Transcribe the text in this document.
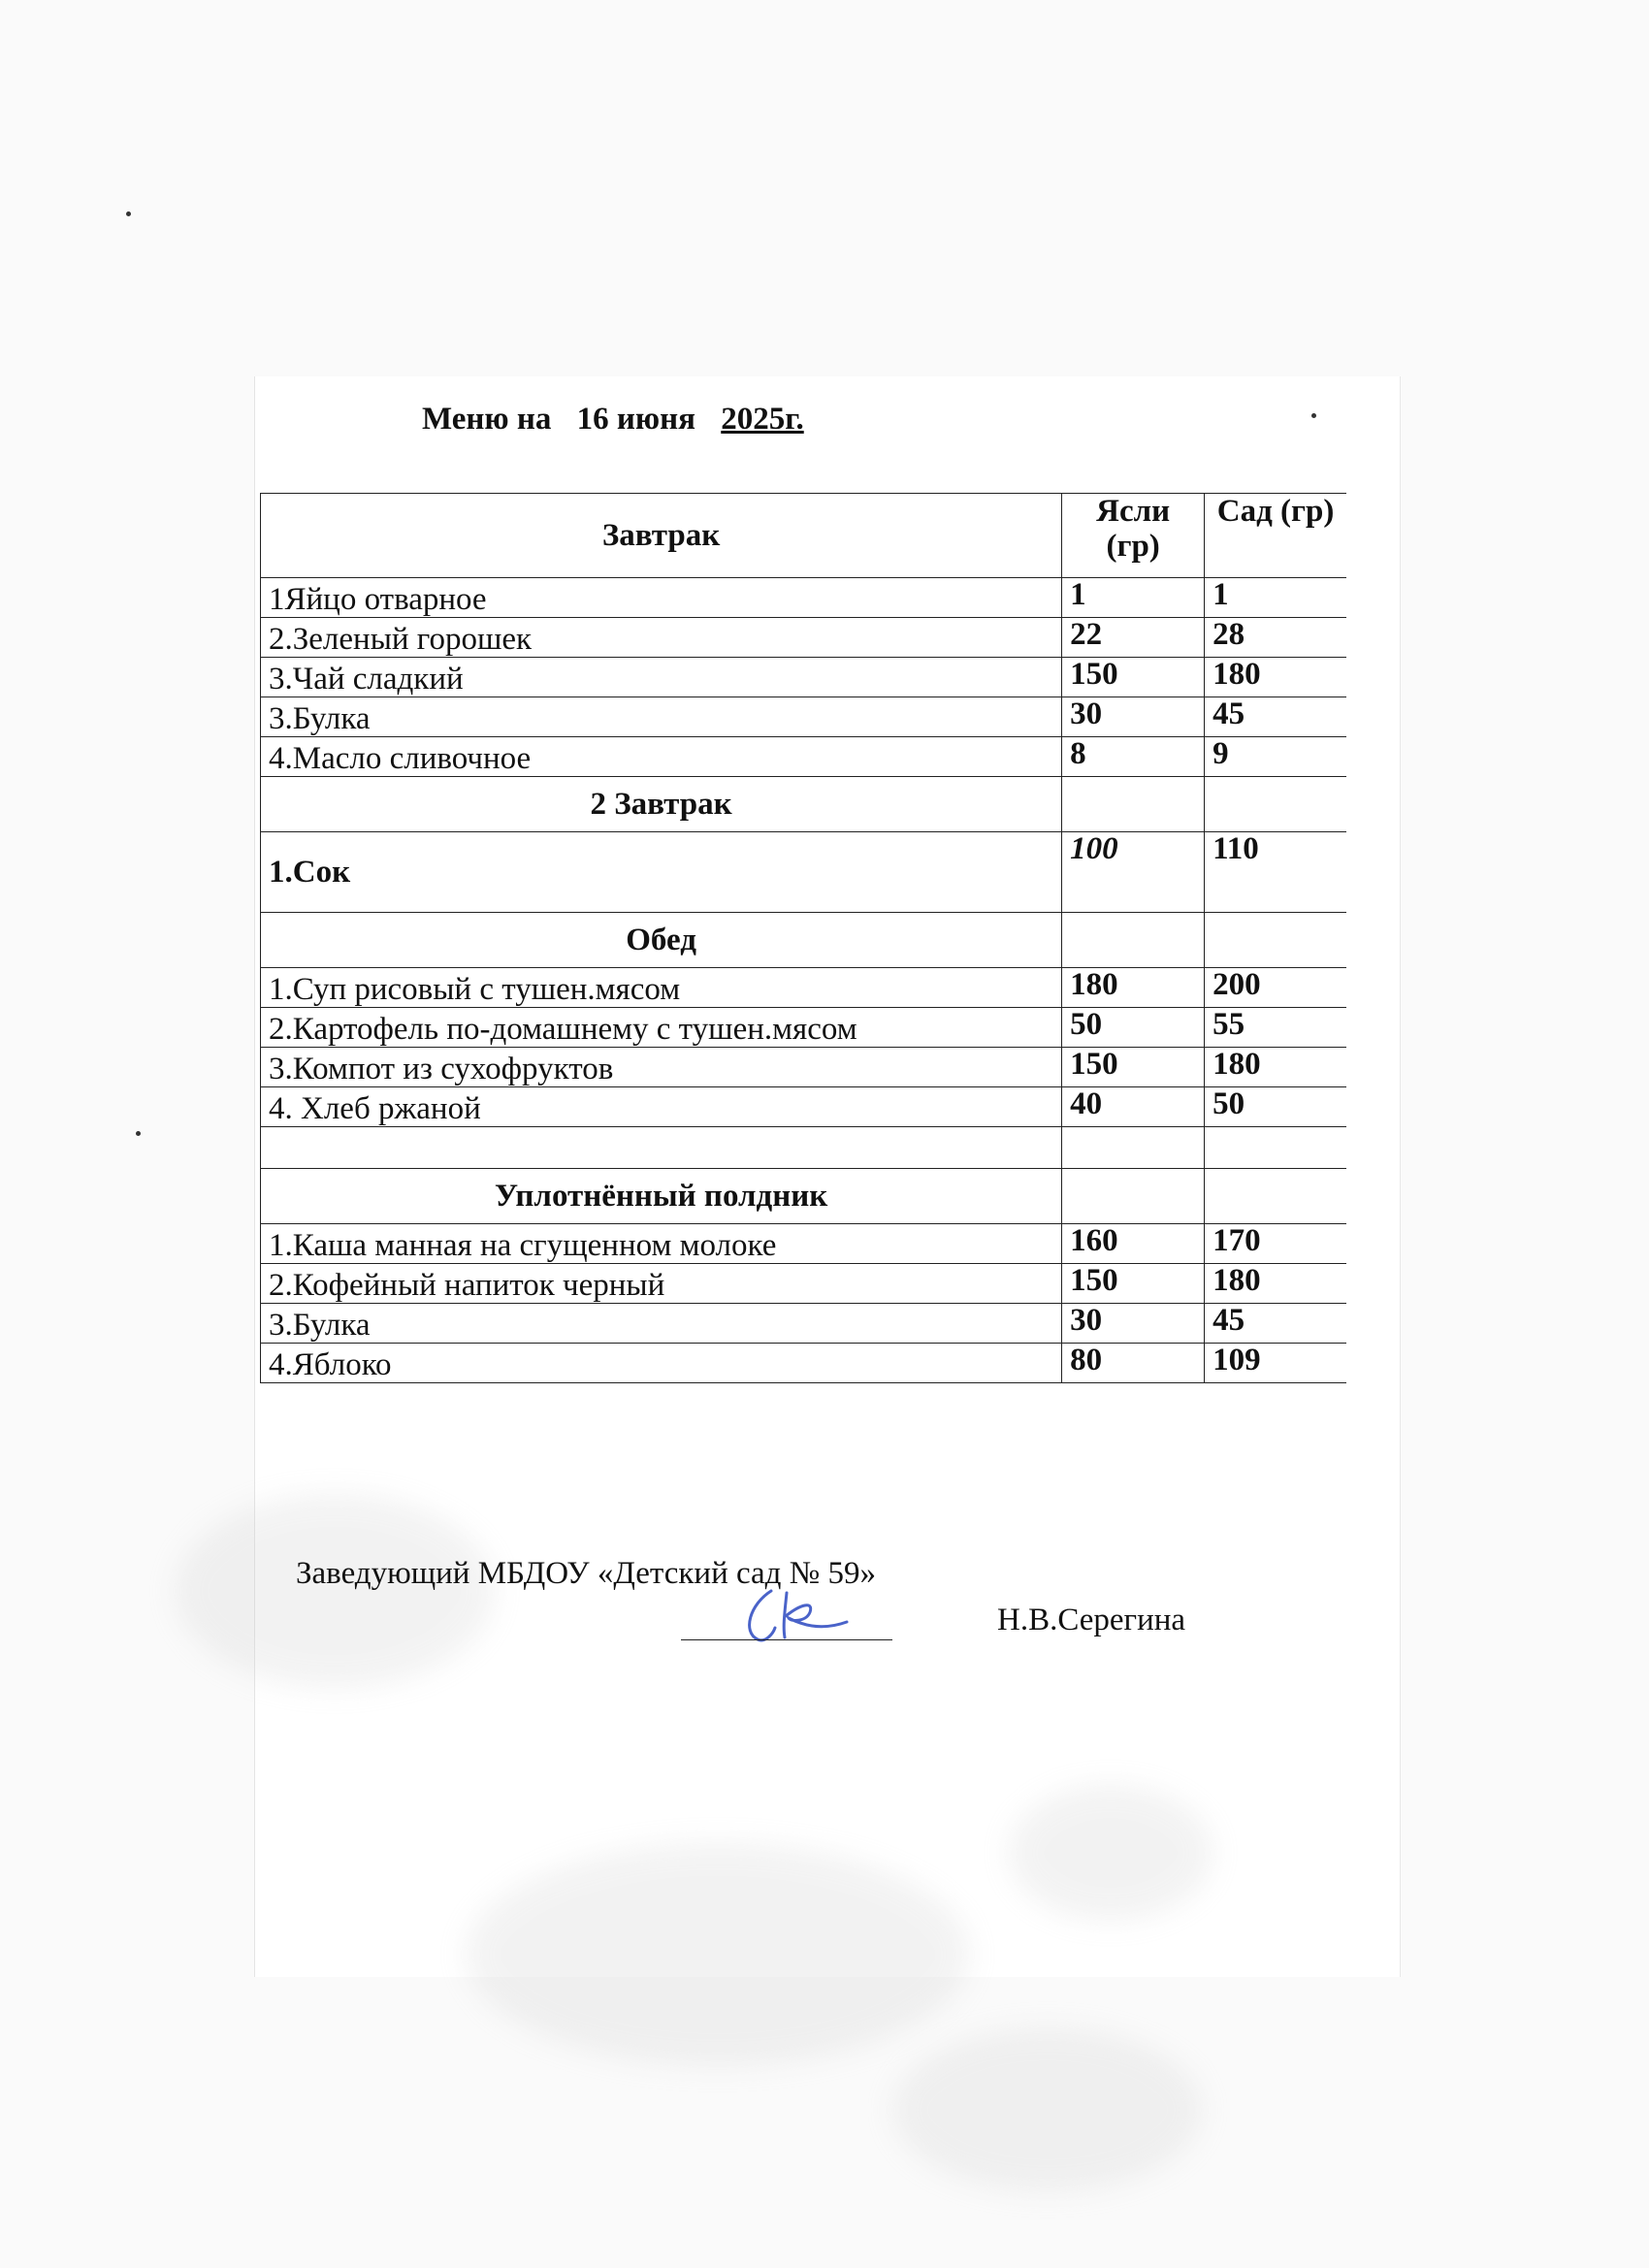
Меню на 16 июня 2025г.
Завтрак	Ясли (гр)	Сад (гр)
1Яйцо отварное	1	1
2.Зеленый горошек	22	28
3.Чай сладкий	150	180
3.Булка	30	45
4.Масло сливочное	8	9
2 Завтрак		
1.Сок	100	110
Обед		
1.Суп рисовый с тушен.мясом	180	200
2.Картофель по-домашнему с тушен.мясом	50	55
3.Компот из сухофруктов	150	180
4. Хлеб ржаной	40	50

Уплотнённый полдник		
1.Каша манная на сгущенном молоке	160	170
2.Кофейный напиток черный	150	180
3.Булка	30	45
4.Яблоко	80	109
Заведующий МБДОУ «Детский сад № 59»
Н.В.Серегина
